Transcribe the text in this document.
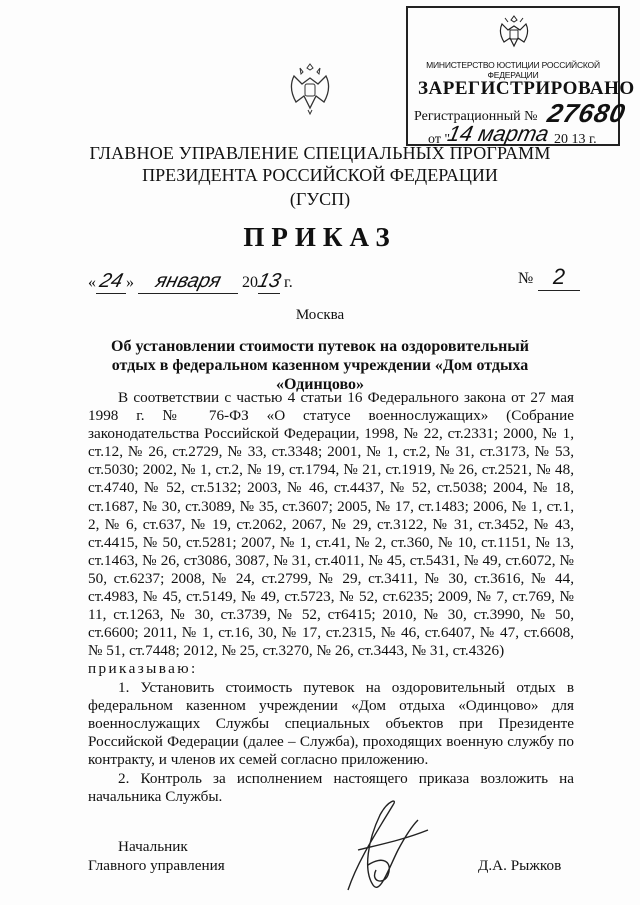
МИНИСТЕРСТВО ЮСТИЦИИ РОССИЙСКОЙ ФЕДЕРАЦИИ
ЗАРЕГИСТРИРОВАНО
Регистрационный № 27680
от "
14 марта 20 13 г.
ГЛАВНОЕ УПРАВЛЕНИЕ СПЕЦИАЛЬНЫХ ПРОГРАММ
ПРЕЗИДЕНТА РОССИЙСКОЙ ФЕДЕРАЦИИ
(ГУСП)
ПРИКАЗ
«24» января 2013 г.	№ 2
Москва
Об установлении стоимости путевок на оздоровительный отдых в федеральном казенном учреждении «Дом отдыха «Одинцово»
В соответствии с частью 4 статьи 16 Федерального закона от 27 мая 1998 г. № 76-ФЗ «О статусе военнослужащих» (Собрание законодательства Российской Федерации, 1998, № 22, ст.2331; 2000, № 1, ст.12, № 26, ст.2729, № 33, ст.3348; 2001, № 1, ст.2, № 31, ст.3173, № 53, ст.5030; 2002, № 1, ст.2, № 19, ст.1794, № 21, ст.1919, № 26, ст.2521, № 48, ст.4740, № 52, ст.5132; 2003, № 46, ст.4437, № 52, ст.5038; 2004, № 18, ст.1687, № 30, ст.3089, № 35, ст.3607; 2005, № 17, ст.1483; 2006, № 1, ст.1, 2, № 6, ст.637, № 19, ст.2062, 2067, № 29, ст.3122, № 31, ст.3452, № 43, ст.4415, № 50, ст.5281; 2007, № 1, ст.41, № 2, ст.360, № 10, ст.1151, № 13, ст.1463, № 26, ст3086, 3087, № 31, ст.4011, № 45, ст.5431, № 49, ст.6072, № 50, ст.6237; 2008, № 24, ст.2799, № 29, ст.3411, № 30, ст.3616, № 44, ст.4983, № 45, ст.5149, № 49, ст.5723, № 52, ст.6235; 2009, № 7, ст.769, № 11, ст.1263, № 30, ст.3739, № 52, ст6415; 2010, № 30, ст.3990, № 50, ст.6600; 2011, № 1, ст.16, 30, № 17, ст.2315, № 46, ст.6407, № 47, ст.6608, № 51, ст.7448; 2012, № 25, ст.3270, № 26, ст.3443, № 31, ст.4326)
приказываю:
1. Установить стоимость путевок на оздоровительный отдых в федеральном казенном учреждении «Дом отдыха «Одинцово» для военнослужащих Службы специальных объектов при Президенте Российской Федерации (далее – Служба), проходящих военную службу по контракту, и членов их семей согласно приложению.
2. Контроль за исполнением настоящего приказа возложить на начальника Службы.
Начальник
Главного управления	Д.А. Рыжков
